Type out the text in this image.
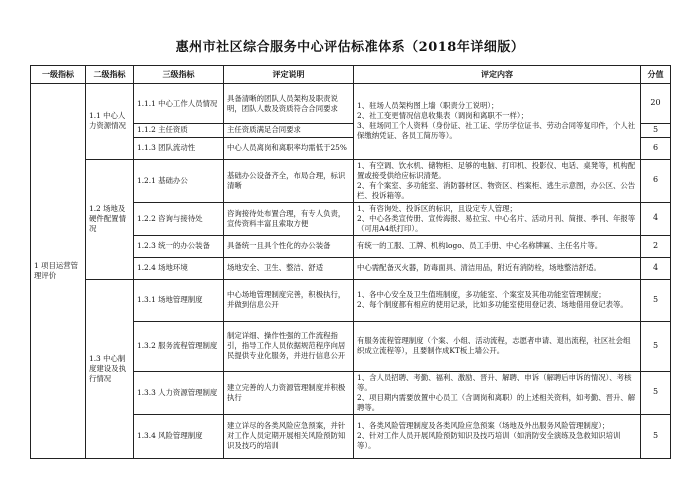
惠州市社区综合服务中心评估标准体系（2018年详细版）
一级指标	二级指标	三级指标	评定说明	评定内容	分值
1 项目运营管理评价	1.1 中心人力资源情况	1.1.1 中心工作人员情况	具备清晰的团队人员架构及职责说明，团队人数及资质符合合同要求	1、驻场人员架构图上墙（职责分工说明）；
2、社工变更情况信息收集表（调岗和离职不一样）；
3、驻场同工个人资料（身份证、社工证、学历学位证书、劳动合同等复印件，个人社保缴纳凭证、各员工简历等）。	20
		1.1.2 主任资质	主任资质满足合同要求		5
		1.1.3 团队流动性	中心人员离岗和离职率均需低于25%		6
	1.2 场地及硬件配置情况	1.2.1 基础办公	基础办公设备齐全，布局合理，标识清晰	1、有空调、饮水机、储物柜、足够的电脑、打印机、投影仪、电话、桌凳等，机构配置或接受供给应标识清楚。
2、有个案室、多功能室、消防器材区、物资区、档案柜、逃生示意图，办公区、公告栏、投诉箱等。	6
		1.2.2 咨询与接待处	咨询接待处布置合理，有专人负责，宣传资料丰富且索取方便	1、有咨询处、投诉区的标识，且设定专人管理；
2、中心各类宣传册、宣传海报、易拉宝、中心名片、活动月刊、简报、季刊、年报等（可用A4纸打印）。	4
		1.2.3 统一的办公装备	具备统一且具个性化的办公装备	有统一的工服、工牌、机构logo、员工手册、中心名称牌匾、主任名片等。	2
		1.2.4 场地环境	场地安全、卫生、整洁、舒适	中心需配备灭火器，防毒面具、清洁用品，附近有消防栓，场地整洁舒适。	4
	1.3 中心制度建设及执行情况	1.3.1 场地管理制度	中心场地管理制度完善，积极执行，并做到信息公开	1、各中心安全及卫生值班制度，多功能室、个案室及其他功能室管理制度；
2、每个制度都有相应的使用记录，比如多功能室使用登记表、场地借用登记表等。	5
		1.3.2 服务流程管理制度	制定详细、操作性强的工作流程指引，指导工作人员依据规范程序向居民提供专业化服务，并进行信息公开	有服务流程管理制度（个案、小组、活动流程，志愿者申请、退出流程，社区社会组织成立流程等），且要制作成KT板上墙公开。	5
		1.3.3 人力资源管理制度	建立完善的人力资源管理制度并积极执行	1、含人员招聘、考勤、福利、激励、晋升、解聘、申诉（解聘后申诉的情况）、考核等。
2、项目期内需要放置中心员工（含调岗和离职）的上述相关资料，如考勤、晋升、解聘等。	5
		1.3.4 风险管理制度	建立详尽的各类风险应急预案，并针对工作人员定期开展相关风险预防知识及技巧的培训	1、各类风险管理制度及各类风险应急预案（场地及外出服务风险管理制度）；
2、针对工作人员开展风险预防知识及技巧培训（如消防安全演练及急救知识培训等）。	5
